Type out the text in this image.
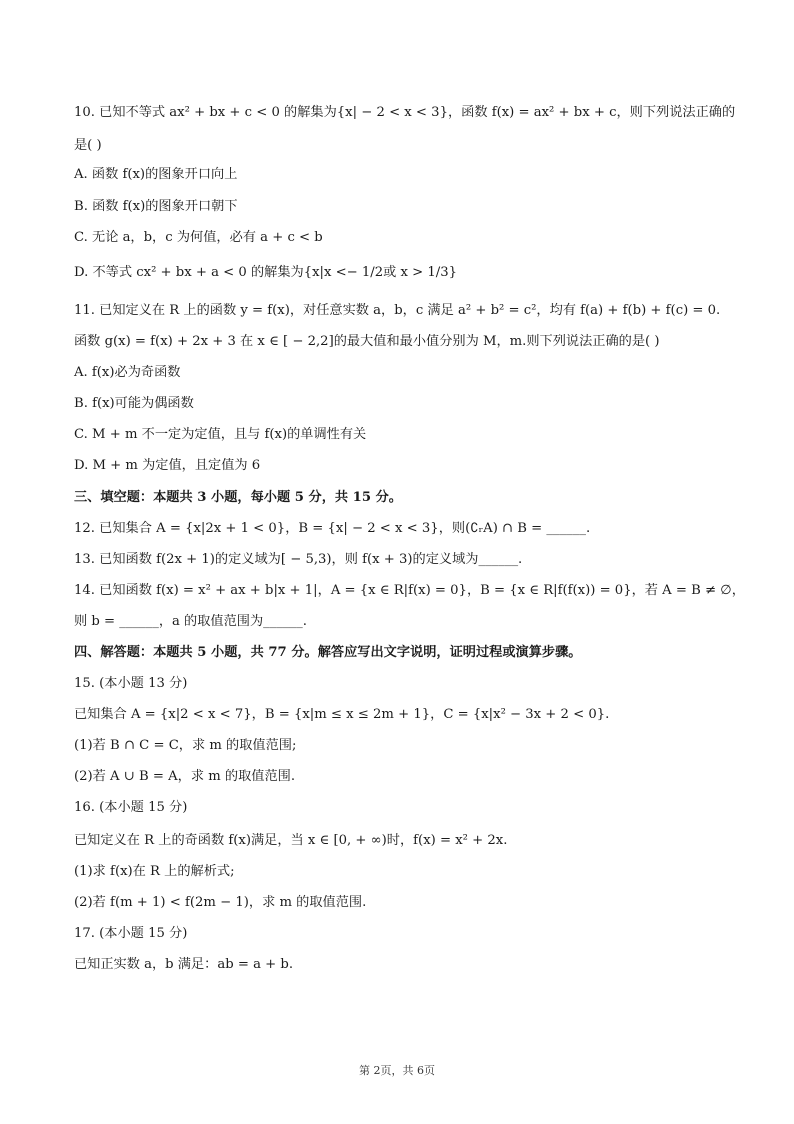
10. 已知不等式 ax² + bx + c < 0 的解集为{x| − 2 < x < 3}，函数 f(x) = ax² + bx + c，则下列说法正确的
是( )
A. 函数 f(x)的图象开口向上
B. 函数 f(x)的图象开口朝下
C. 无论 a，b，c 为何值，必有 a + c < b
D. 不等式 cx² + bx + a < 0 的解集为{x|x <− 1/2或 x > 1/3}
11. 已知定义在 R 上的函数 y = f(x)，对任意实数 a，b，c 满足 a² + b² = c²，均有 f(a) + f(b) + f(c) = 0.
函数 g(x) = f(x) + 2x + 3 在 x ∈ [ − 2,2]的最大值和最小值分别为 M，m.则下列说法正确的是( )
A. f(x)必为奇函数
B. f(x)可能为偶函数
C. M + m 不一定为定值，且与 f(x)的单调性有关
D. M + m 为定值，且定值为 6
三、填空题：本题共 3 小题，每小题 5 分，共 15 分。
12. 已知集合 A = {x|2x + 1 < 0}，B = {x| − 2 < x < 3}，则(∁ᵣA) ∩ B = ______.
13. 已知函数 f(2x + 1)的定义域为[ − 5,3)，则 f(x + 3)的定义域为______.
14. 已知函数 f(x) = x² + ax + b|x + 1|，A = {x ∈ R|f(x) = 0}，B = {x ∈ R|f(f(x)) = 0}，若 A = B ≠ ∅，
则 b = ______，a 的取值范围为______.
四、解答题：本题共 5 小题，共 77 分。解答应写出文字说明，证明过程或演算步骤。
15. (本小题 13 分)
已知集合 A = {x|2 < x < 7}，B = {x|m ≤ x ≤ 2m + 1}，C = {x|x² − 3x + 2 < 0}.
(1)若 B ∩ C = C，求 m 的取值范围;
(2)若 A ∪ B = A，求 m 的取值范围.
16. (本小题 15 分)
已知定义在 R 上的奇函数 f(x)满足，当 x ∈ [0, + ∞)时，f(x) = x² + 2x.
(1)求 f(x)在 R 上的解析式;
(2)若 f(m + 1) < f(2m − 1)，求 m 的取值范围.
17. (本小题 15 分)
已知正实数 a，b 满足：ab = a + b.
第 2页，共 6页
